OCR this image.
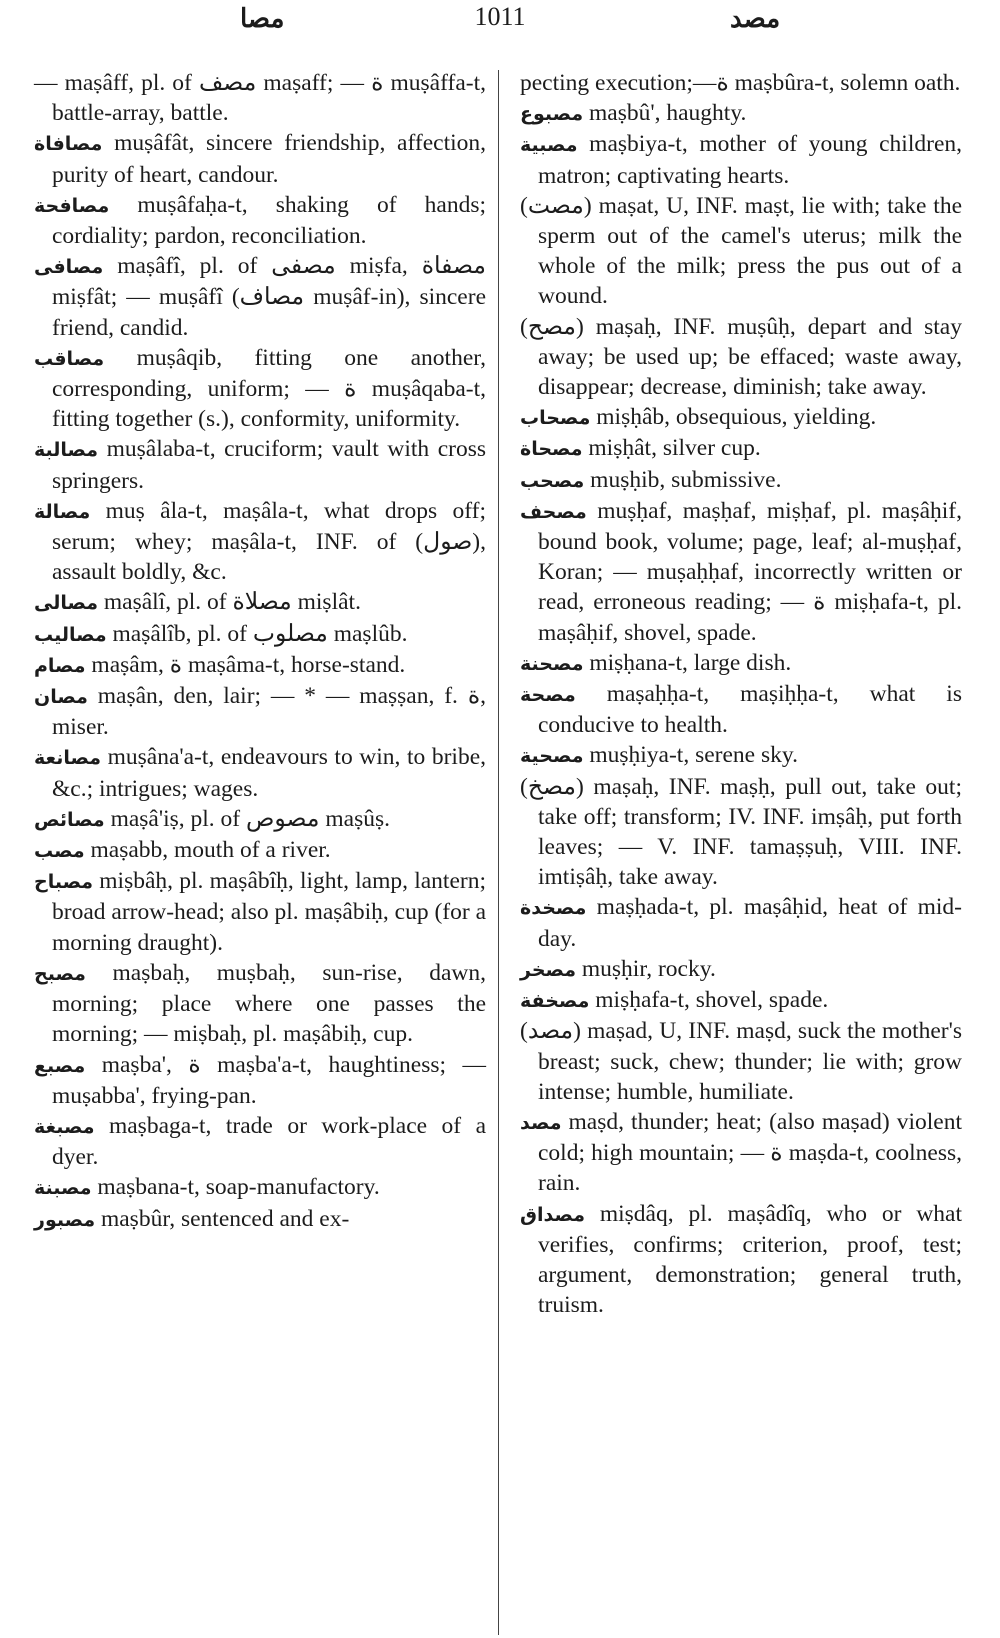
مصا	1011	مصد

— maṣâff, pl. of مصف maṣaff; — ة muṣâffa-t, battle-array, battle.

مصافاة muṣâfât, sincere friendship, affection, purity of heart, candour.

مصافحة muṣâfaḥa-t, shaking of hands; cordiality; pardon, reconciliation.

مصافى maṣâfî, pl. of مصفى miṣfa, مصفاة miṣfât; — muṣâfî (مصاف muṣâf-in), sincere friend, candid.

مصاقب muṣâqib, fitting one another, corresponding, uniform; — ة muṣâqaba-t, fitting together (s.), conformity, uniformity.

مصالبة muṣâlaba-t, cruciform; vault with cross springers.

مصالة muṣ âla-t, maṣâla-t, what drops off; serum; whey; maṣâla-t, INF. of (صول), assault boldly, &c.

مصالى maṣâlî, pl. of مصلاة miṣlât.

مصاليب maṣâlîb, pl. of مصلوب maṣlûb.

مصام maṣâm, ة maṣâma-t, horse-stand.

مصان maṣân, den, lair; — * — maṣṣan, f. ة, miser.

مصانعة muṣâna'a-t, endeavours to win, to bribe, &c.; intrigues; wages.

مصائص maṣâ'iṣ, pl. of مصوص maṣûṣ.

مصب maṣabb, mouth of a river.

مصباح miṣbâḥ, pl. maṣâbîḥ, light, lamp, lantern; broad arrow-head; also pl. maṣâbiḥ, cup (for a morning draught).

مصبح maṣbaḥ, muṣbaḥ, sun-rise, dawn, morning; place where one passes the morning; — miṣbaḥ, pl. maṣâbiḥ, cup.

مصبع maṣba', ة maṣba'a-t, haughtiness; — muṣabba', frying-pan.

مصبغة maṣbaga-t, trade or work-place of a dyer.

مصبنة maṣbana-t, soap-manufactory.

مصبور maṣbûr, sentenced and ex-

pecting execution;—ة maṣbûra-t, solemn oath.

مصبوع maṣbû', haughty.

مصبية maṣbiya-t, mother of young children, matron; captivating hearts.

(مصت) maṣat, U, INF. maṣt, lie with; take the sperm out of the camel's uterus; milk the whole of the milk; press the pus out of a wound.

(مصح) maṣaḥ, INF. muṣûḥ, depart and stay away; be used up; be effaced; waste away, disappear; decrease, diminish; take away.

مصحاب miṣḥâb, obsequious, yielding.

مصحاة miṣḥât, silver cup.

مصحب muṣḥib, submissive.

مصحف muṣḥaf, maṣḥaf, miṣḥaf, pl. maṣâḥif, bound book, volume; page, leaf; al-muṣḥaf, Koran; — muṣaḥḥaf, incorrectly written or read, erroneous reading; — ة miṣḥafa-t, pl. maṣâḥif, shovel, spade.

مصحنة miṣḥana-t, large dish.

مصحة maṣaḥḥa-t, maṣiḥḥa-t, what is conducive to health.

مصحية muṣḥiya-t, serene sky.

(مصخ) maṣaḥ, INF. maṣḥ, pull out, take out; take off; transform; IV. INF. imṣâḥ, put forth leaves; — V. INF. tamaṣṣuḥ, VIII. INF. imtiṣâḥ, take away.

مصخدة maṣḥada-t, pl. maṣâḥid, heat of mid-day.

مصخر muṣḥir, rocky.

مصخفة miṣḥafa-t, shovel, spade.

(مصد) maṣad, U, INF. maṣd, suck the mother's breast; suck, chew; thunder; lie with; grow intense; humble, humiliate.

مصد maṣd, thunder; heat; (also maṣad) violent cold; high mountain; — ة maṣda-t, coolness, rain.

مصداق miṣdâq, pl. maṣâdîq, who or what verifies, confirms; criterion, proof, test; argument, demonstration; general truth, truism.
